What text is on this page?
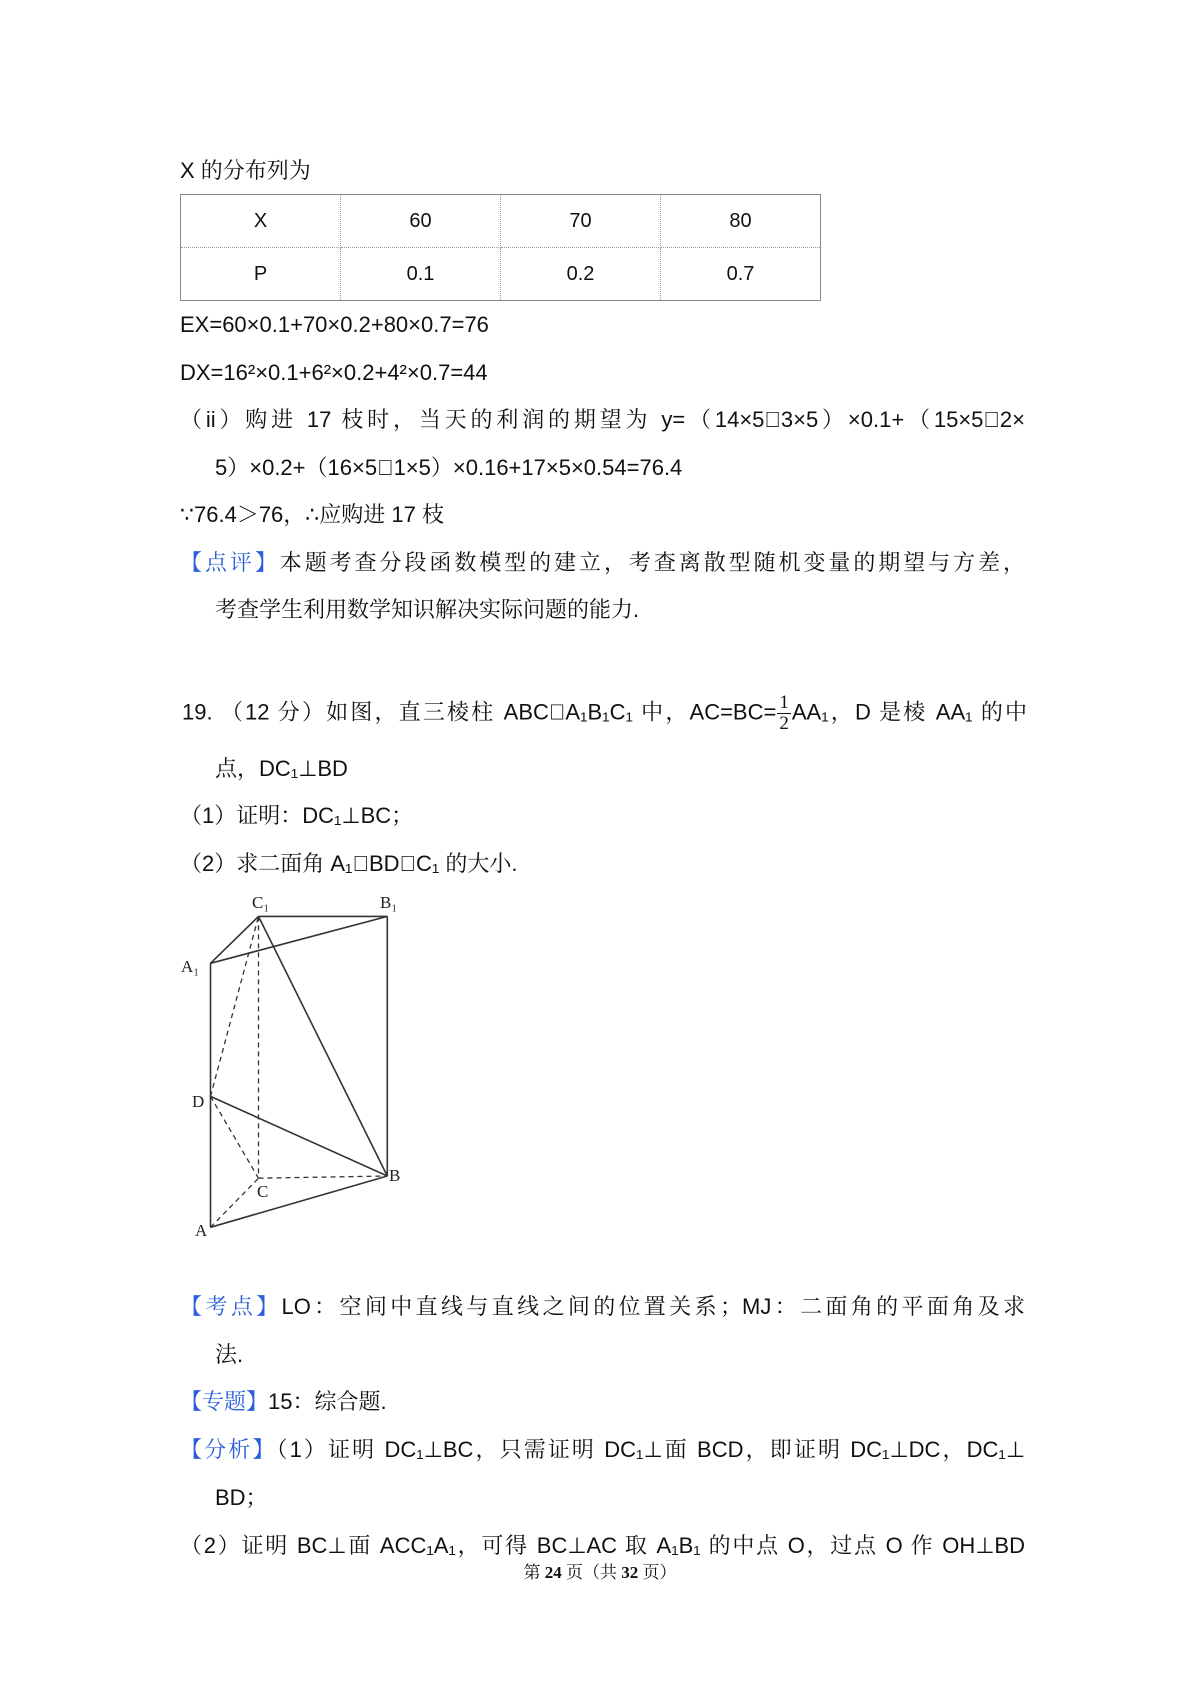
X 的分布列为
X	60	70	80
P	0.1	0.2	0.7
EX=60×0.1+70×0.2+80×0.7=76
DX=16²×0.1+6²×0.2+4²×0.7=44
（ii）购进 17 枝时，当天的利润的期望为 y=（14×5 3×5）×0.1+（15×5 2×
5）×0.2+（16×5 1×5）×0.16+17×5×0.54=76.4
∵76.4＞76，∴应购进 17 枝
【点评】本题考查分段函数模型的建立，考查离散型随机变量的期望与方差，
考查学生利用数学知识解决实际问题的能力.
19. （12 分）如图，直三棱柱 ABC A₁B₁C₁ 中，$AC=BC= \frac{1}{2} AA_1$，D 是棱 AA₁ 的中
点，DC₁⊥BD
（1）证明：DC₁⊥BC；
（2）求二面角 A₁ BD C₁ 的大小.
C₁	B₁
A₁
D
C
B
A
【考点】LO：空间中直线与直线之间的位置关系；MJ：二面角的平面角及求
法.
【专题】15：综合题.
【分析】（1）证明 DC₁⊥BC，只需证明 DC₁⊥面 BCD，即证明 DC₁⊥DC，DC₁⊥
BD；
（2）证明 BC⊥面 ACC₁A₁，可得 BC⊥AC 取 A₁B₁ 的中点 O，过点 O 作 OH⊥BD
第 24 页（共 32 页）
